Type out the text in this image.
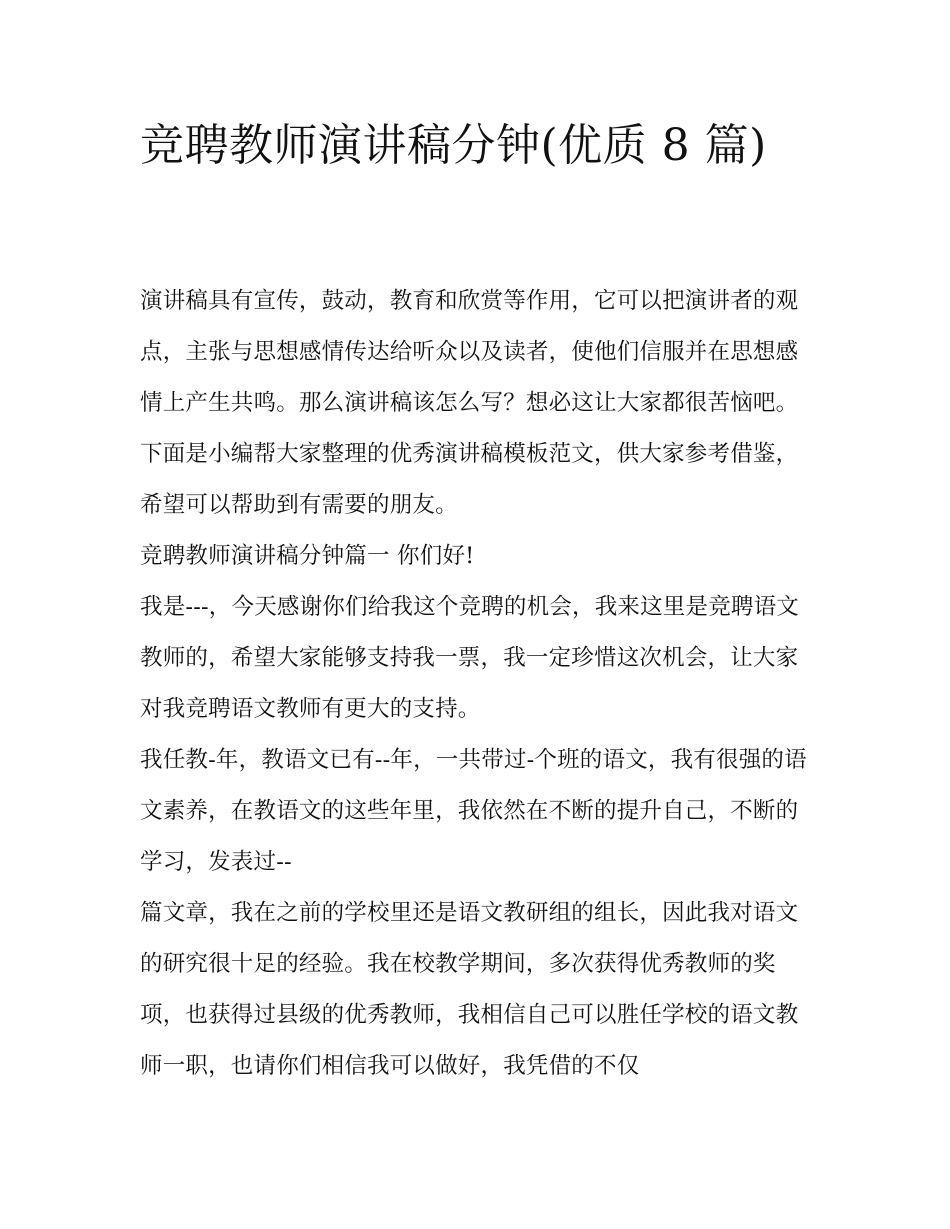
竞聘教师演讲稿分钟(优质 8 篇)

演讲稿具有宣传，鼓动，教育和欣赏等作用，它可以把演讲者的观点，主张与思想感情传达给听众以及读者，使他们信服并在思想感情上产生共鸣。那么演讲稿该怎么写？想必这让大家都很苦恼吧。下面是小编帮大家整理的优秀演讲稿模板范文，供大家参考借鉴，希望可以帮助到有需要的朋友。

竞聘教师演讲稿分钟篇一 你们好!

我是---，今天感谢你们给我这个竞聘的机会，我来这里是竞聘语文教师的，希望大家能够支持我一票，我一定珍惜这次机会，让大家对我竞聘语文教师有更大的支持。

我任教-年，教语文已有--年，一共带过-个班的语文，我有很强的语文素养，在教语文的这些年里，我依然在不断的提升自己，不断的学习，发表过--

篇文章，我在之前的学校里还是语文教研组的组长，因此我对语文的研究很十足的经验。我在校教学期间，多次获得优秀教师的奖项，也获得过县级的优秀教师，我相信自己可以胜任学校的语文教师一职，也请你们相信我可以做好，我凭借的不仅
